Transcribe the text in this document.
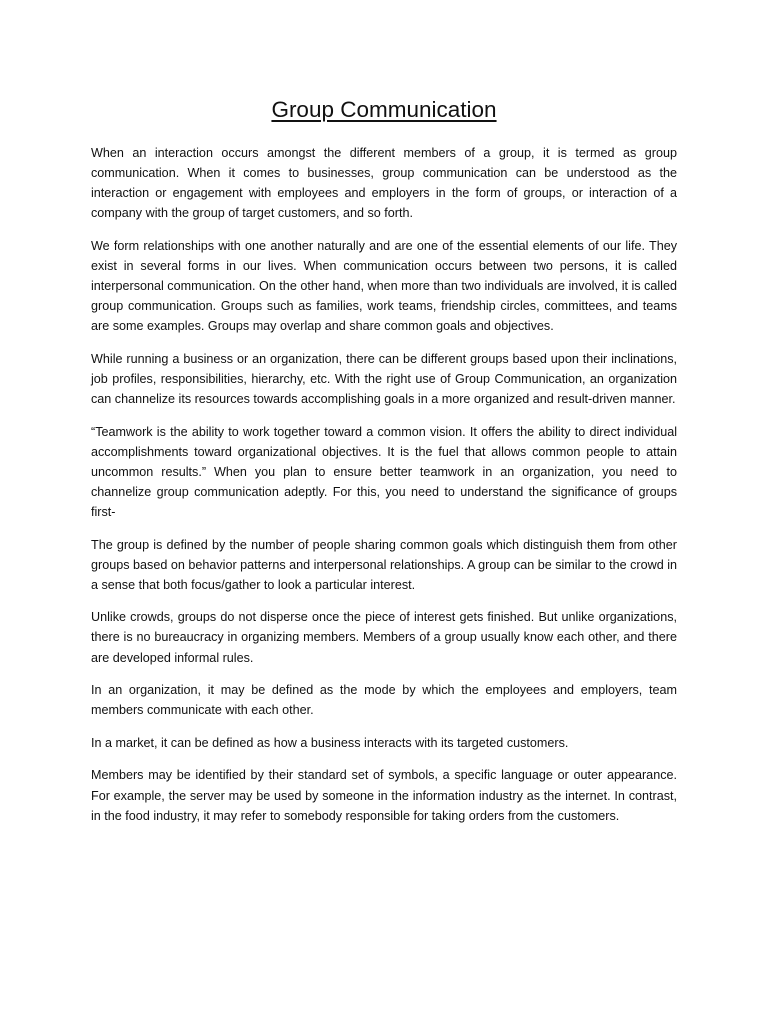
Group Communication

When an interaction occurs amongst the different members of a group, it is termed as group communication. When it comes to businesses, group communication can be understood as the interaction or engagement with employees and employers in the form of groups, or interaction of a company with the group of target customers, and so forth.

We form relationships with one another naturally and are one of the essential elements of our life. They exist in several forms in our lives. When communication occurs between two persons, it is called interpersonal communication. On the other hand, when more than two individuals are involved, it is called group communication. Groups such as families, work teams, friendship circles, committees, and teams are some examples. Groups may overlap and share common goals and objectives.

While running a business or an organization, there can be different groups based upon their inclinations, job profiles, responsibilities, hierarchy, etc. With the right use of Group Communication, an organization can channelize its resources towards accomplishing goals in a more organized and result-driven manner.

“Teamwork is the ability to work together toward a common vision. It offers the ability to direct individual accomplishments toward organizational objectives. It is the fuel that allows common people to attain uncommon results.” When you plan to ensure better teamwork in an organization, you need to channelize group communication adeptly. For this, you need to understand the significance of groups first-

The group is defined by the number of people sharing common goals which distinguish them from other groups based on behavior patterns and interpersonal relationships. A group can be similar to the crowd in a sense that both focus/gather to look a particular interest.

Unlike crowds, groups do not disperse once the piece of interest gets finished. But unlike organizations, there is no bureaucracy in organizing members. Members of a group usually know each other, and there are developed informal rules.

In an organization, it may be defined as the mode by which the employees and employers, team members communicate with each other.

In a market, it can be defined as how a business interacts with its targeted customers.

Members may be identified by their standard set of symbols, a specific language or outer appearance. For example, the server may be used by someone in the information industry as the internet. In contrast, in the food industry, it may refer to somebody responsible for taking orders from the customers.
